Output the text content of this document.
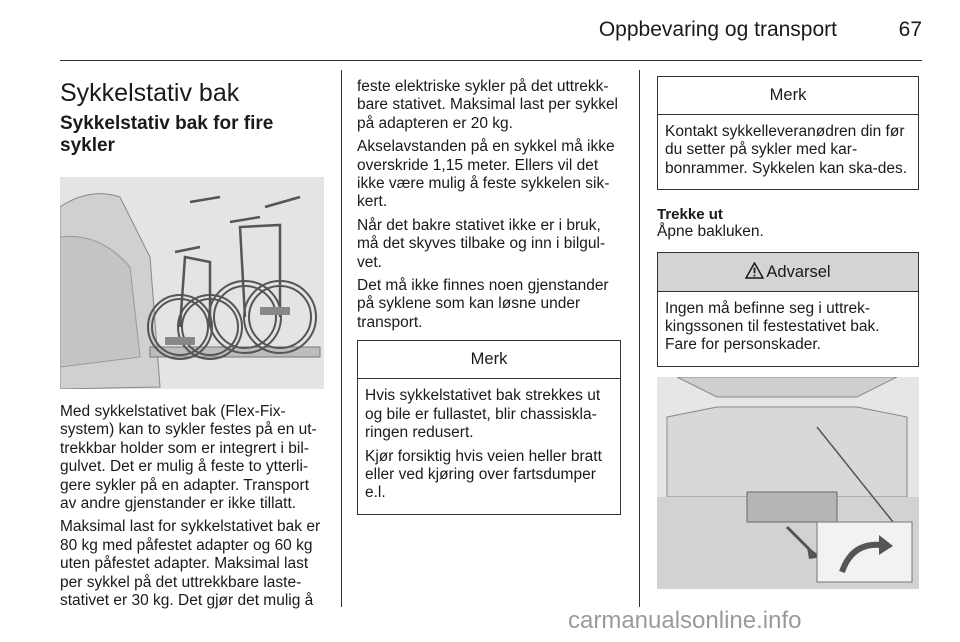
Oppbevaring og transport	67
Sykkelstativ bak
Sykkelstativ bak for fire sykler

Med sykkelstativet bak (Flex-Fix-system) kan to sykler festes på en ut-trekkbar holder som er integrert i bil-gulvet. Det er mulig å feste to ytterli-gere sykler på en adapter. Transport av andre gjenstander er ikke tillatt.

Maksimal last for sykkelstativet bak er 80 kg med påfestet adapter og 60 kg uten påfestet adapter. Maksimal last per sykkel på det uttrekkbare laste-stativet er 30 kg. Det gjør det mulig å

feste elektriske sykler på det uttrekk-bare stativet. Maksimal last per sykkel på adapteren er 20 kg.

Akselavstanden på en sykkel må ikke overskride 1,15 meter. Ellers vil det ikke være mulig å feste sykkelen sik-kert.

Når det bakre stativet ikke er i bruk, må det skyves tilbake og inn i bilgul-vet.

Det må ikke finnes noen gjenstander på syklene som kan løsne under transport.

Merk

Hvis sykkelstativet bak strekkes ut og bile er fullastet, blir chassiskla-ringen redusert.

Kjør forsiktig hvis veien heller bratt eller ved kjøring over fartsdumper e.l.

Merk

Kontakt sykkelleveranødren din før du setter på sykler med kar-bonrammer. Sykkelen kan ska-des.

Trekke ut

Åpne bakluken.

Advarsel

Ingen må befinne seg i uttrek-kingssonen til festestativet bak. Fare for personskader.

carmanualsonline.info
